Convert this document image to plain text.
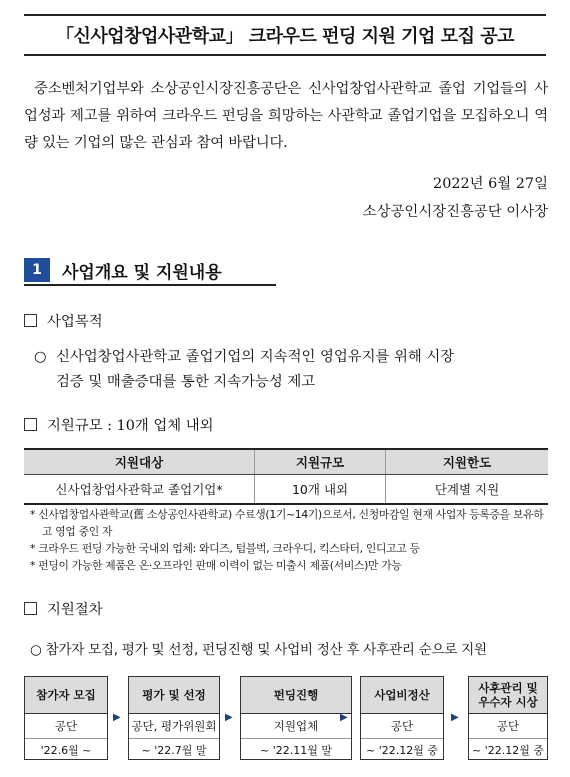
「신사업창업사관학교」 크라우드 펀딩 지원 기업 모집 공고
중소벤처기업부와 소상공인시장진흥공단은 신사업창업사관학교 졸업 기업들의 사업성과 제고를 위하여 크라우드 펀딩을 희망하는 사관학교 졸업기업을 모집하오니 역량 있는 기업의 많은 관심과 참여 바랍니다.
2022년 6월 27일
소상공인시장진흥공단 이사장
1	사업개요 및 지원내용
사업목적
○ 신사업창업사관학교 졸업기업의 지속적인 영업유지를 위해 시장
검증 및 매출증대를 통한 지속가능성 제고
지원규모 : 10개 업체 내외
지원대상	지원규모	지원한도
신사업창업사관학교 졸업기업*	10개 내외	단계별 지원
* 신사업창업사관학교(舊 소상공인사관학교) 수료생(1기~14기)으로서, 신청마감일 현재 사업자 등록증을 보유하고 영업 중인 자
* 크라우드 펀딩 가능한 국내외 업체: 와디즈, 텀블벅, 크라우디, 킥스타터, 인디고고 등
* 펀딩이 가능한 제품은 온·오프라인 판매 이력이 없는 미출시 제품(서비스)만 가능
지원절차
○ 참가자 모집, 평가 및 선정, 펀딩진행 및 사업비 정산 후 사후관리 순으로 지원
참가자 모집
공단
'22.6월 ~
▶
평가 및 선정
공단, 평가위원회
~ '22.7월 말
▶
펀딩진행
지원업체
~ '22.11월 말
▶
사업비정산
공단
~ '22.12월 중
▶
사후관리 및
우수자 시상
공단
~ '22.12월 중
